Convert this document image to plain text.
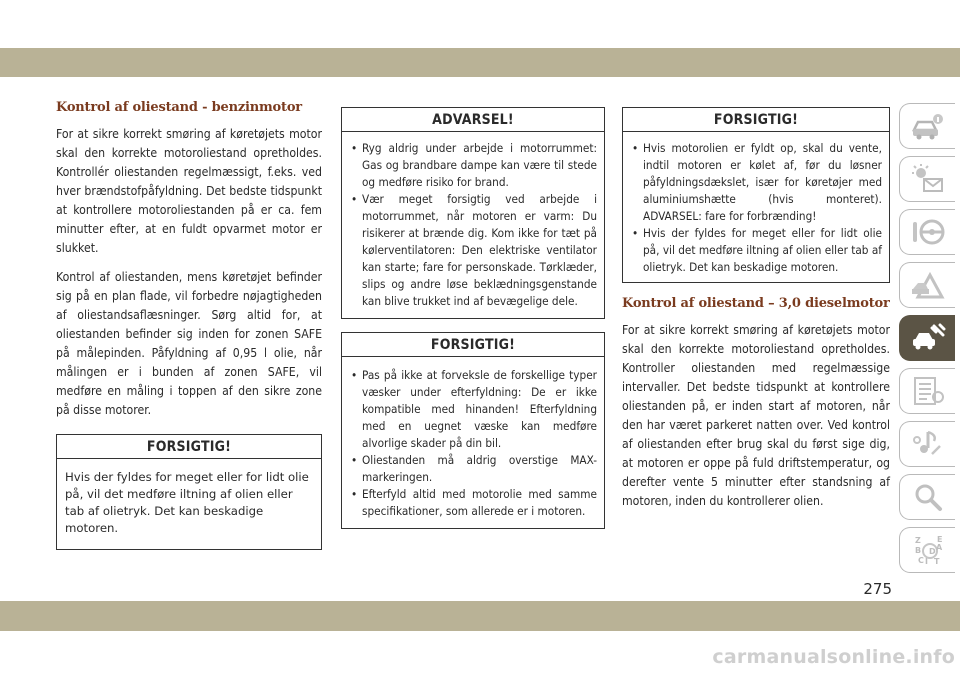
Kontrol af oliestand - benzinmotor

For at sikre korrekt smøring af køretøjets motor skal den korrekte motoroliestand opretholdes. Kontrollér oliestanden regelmæssigt, f.eks. ved hver brændstofpåfyldning. Det bedste tidspunkt at kontrollere motoroliestanden på er ca. fem minutter efter, at en fuldt opvarmet motor er slukket.

Kontrol af oliestanden, mens køretøjet befinder sig på en plan flade, vil forbedre nøjagtigheden af oliestandsaflæsninger. Sørg altid for, at oliestanden befinder sig inden for zonen SAFE på målepinden. Påfyldning af 0,95 l olie, når målingen er i bunden af zonen SAFE, vil medføre en måling i toppen af den sikre zone på disse motorer.

FORSIGTIG!
Hvis der fyldes for meget eller for lidt olie på, vil det medføre iltning af olien eller tab af olietryk. Det kan beskadige motoren.
ADVARSEL!
• Ryg aldrig under arbejde i motorrummet: Gas og brandbare dampe kan være til stede og medføre risiko for brand.
• Vær meget forsigtig ved arbejde i motorrummet, når motoren er varm: Du risikerer at brænde dig. Kom ikke for tæt på kølerventilatoren: Den elektriske ventilator kan starte; fare for personskade. Tørklæder, slips og andre løse beklædningsgenstande kan blive trukket ind af bevægelige dele.
FORSIGTIG!
• Pas på ikke at forveksle de forskellige typer væsker under efterfyldning: De er ikke kompatible med hinanden! Efterfyldning med en uegnet væske kan medføre alvorlige skader på din bil.
• Oliestanden må aldrig overstige MAX-markeringen.
• Efterfyld altid med motorolie med samme specifikationer, som allerede er i motoren.
FORSIGTIG!
• Hvis motorolien er fyldt op, skal du vente, indtil motoren er kølet af, før du løsner påfyldningsdækslet, især for køretøjer med aluminiumshætte (hvis monteret). ADVARSEL: fare for forbrænding!
• Hvis der fyldes for meget eller for lidt olie på, vil det medføre iltning af olien eller tab af olietryk. Det kan beskadige motoren.
Kontrol af oliestand – 3,0 dieselmotor

For at sikre korrekt smøring af køretøjets motor skal den korrekte motoroliestand opretholdes. Kontroller oliestanden med regelmæssige intervaller. Det bedste tidspunkt at kontrollere oliestanden på, er inden start af motoren, når den har været parkeret natten over. Ved kontrol af oliestanden efter brug skal du først sige dig, at motoren er oppe på fuld driftstemperatur, og derefter vente 5 minutter efter standsning af motoren, inden du kontrollerer olien.

Z E
B A
C
D
I T
275
carmanualsonline.info
